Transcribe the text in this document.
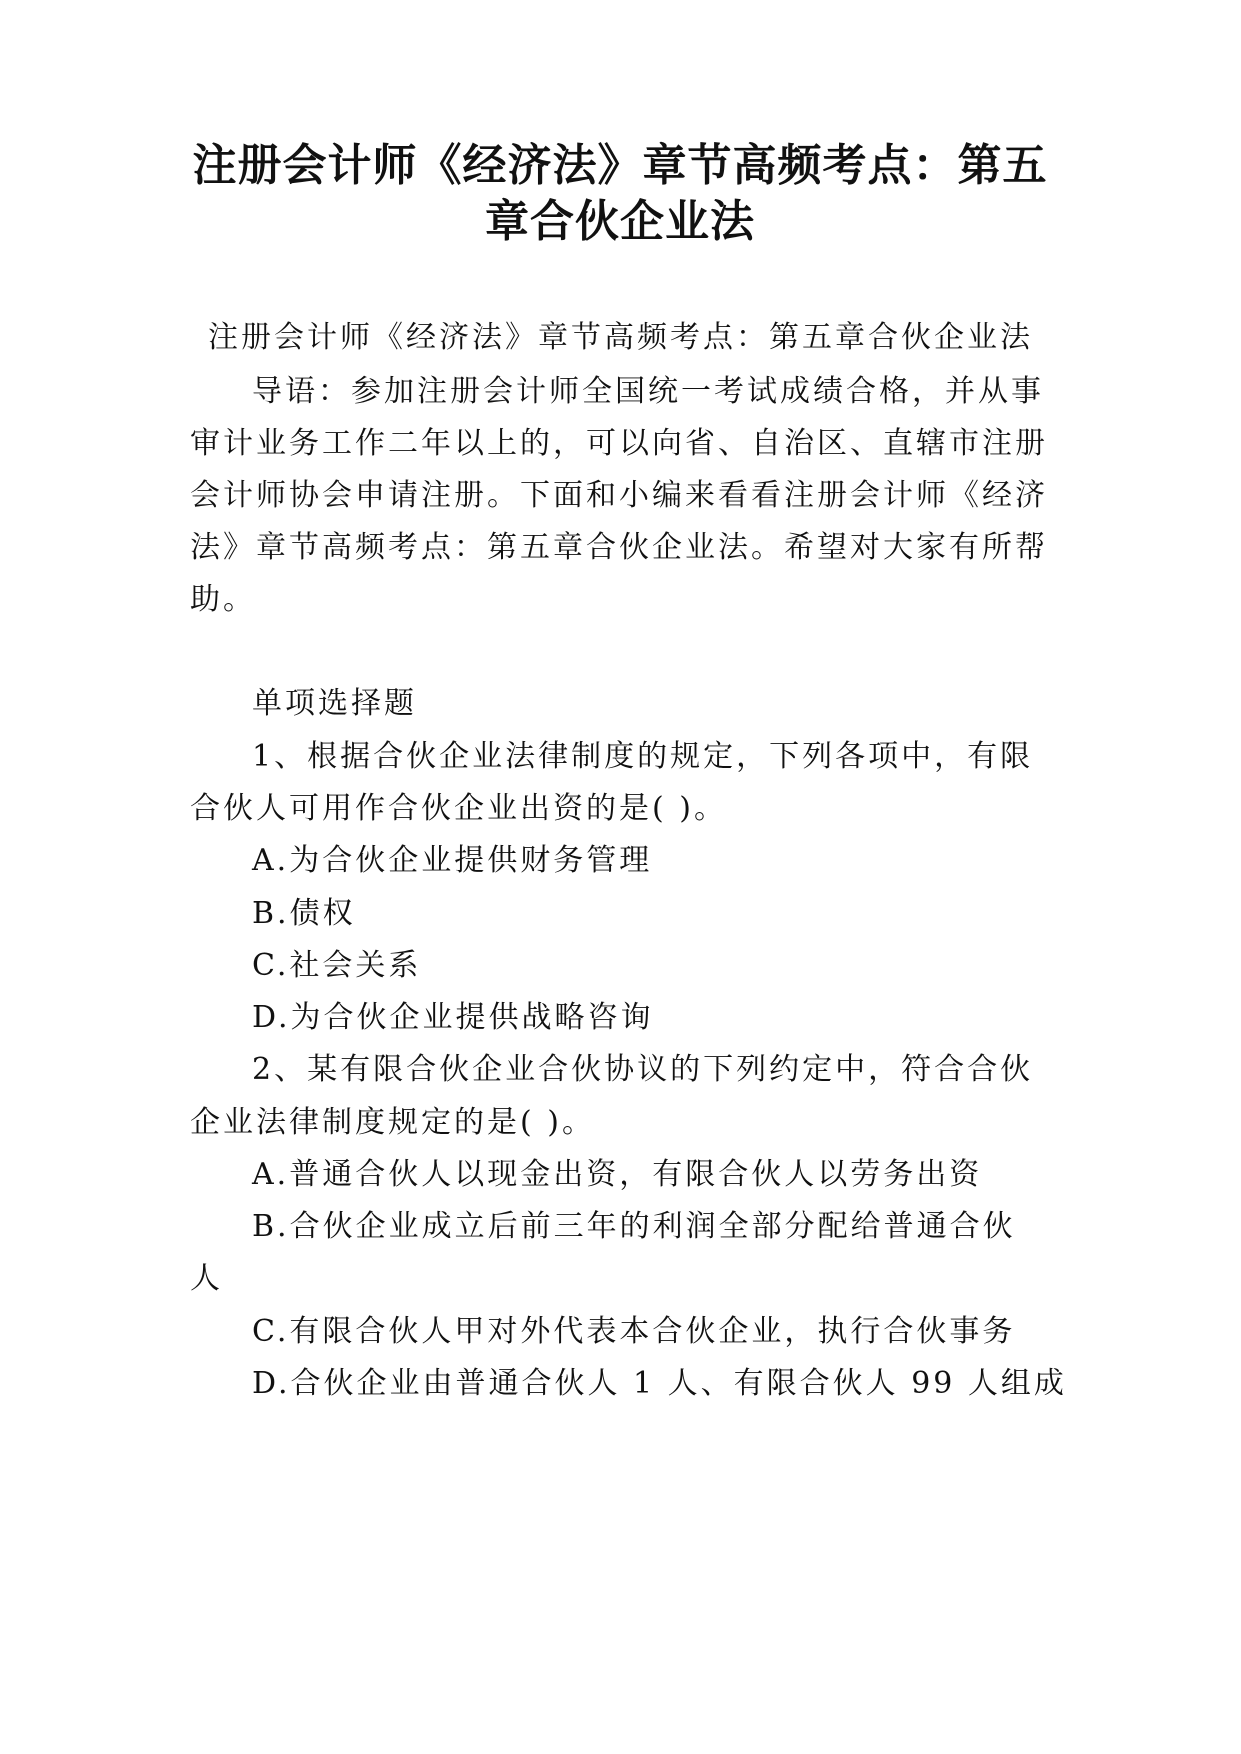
注册会计师《经济法》章节高频考点：第五
章合伙企业法

注册会计师《经济法》章节高频考点：第五章合伙企业法

导语：参加注册会计师全国统一考试成绩合格，并从事

审计业务工作二年以上的，可以向省、自治区、直辖市注册

会计师协会申请注册。下面和小编来看看注册会计师《经济

法》章节高频考点：第五章合伙企业法。希望对大家有所帮

助。

单项选择题

1、根据合伙企业法律制度的规定，下列各项中，有限

合伙人可用作合伙企业出资的是( )。

A.为合伙企业提供财务管理

B.债权

C.社会关系

D.为合伙企业提供战略咨询

2、某有限合伙企业合伙协议的下列约定中，符合合伙

企业法律制度规定的是( )。

A.普通合伙人以现金出资，有限合伙人以劳务出资

B.合伙企业成立后前三年的利润全部分配给普通合伙

人

C.有限合伙人甲对外代表本合伙企业，执行合伙事务

D.合伙企业由普通合伙人 1 人、有限合伙人 99 人组成
